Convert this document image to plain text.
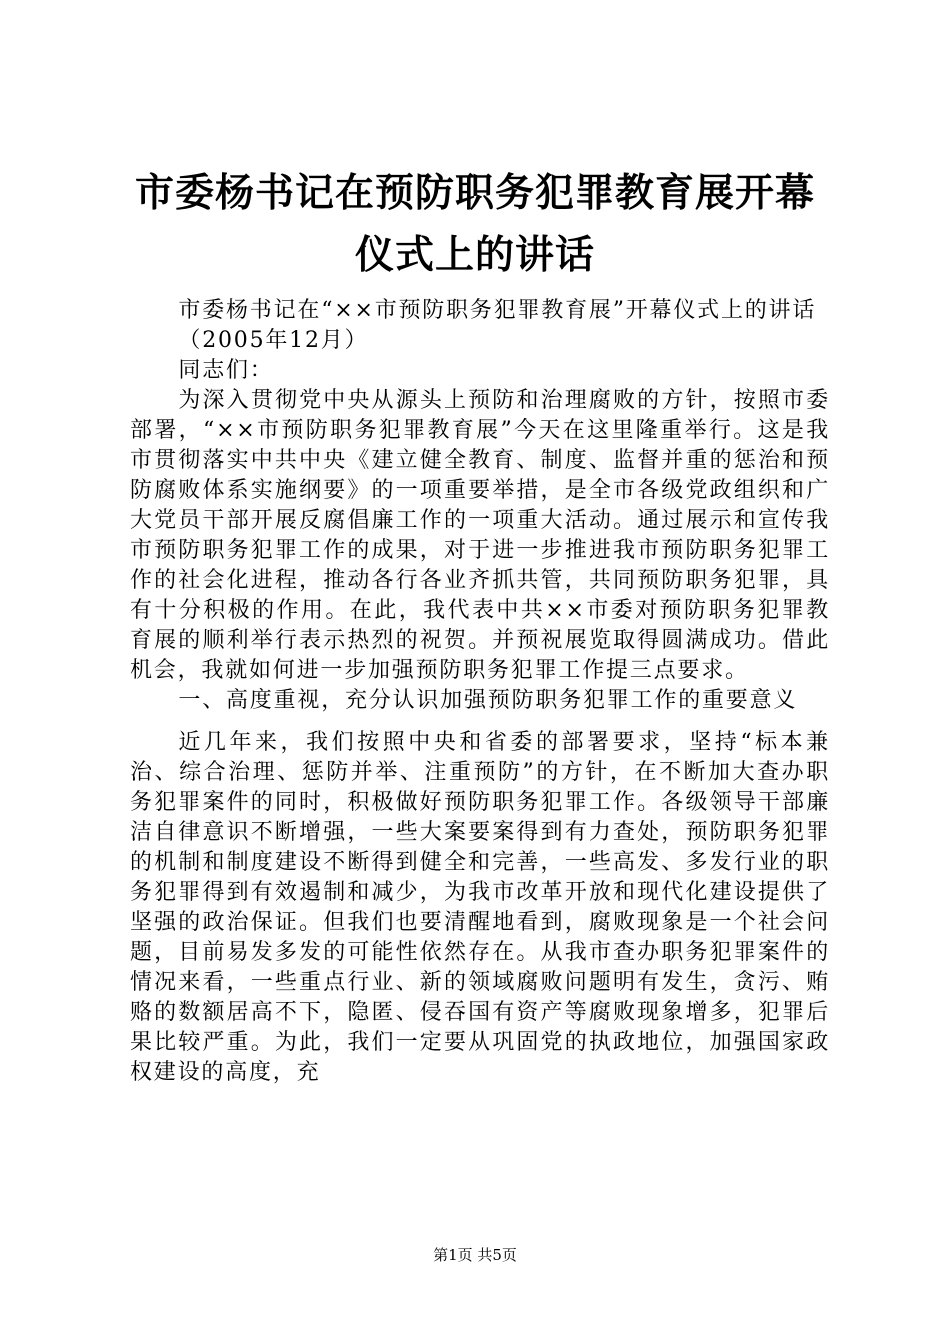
市委杨书记在预防职务犯罪教育展开幕仪式上的讲话

市委杨书记在“××市预防职务犯罪教育展”开幕仪式上的讲话

（2005年12月）

同志们：

为深入贯彻党中央从源头上预防和治理腐败的方针，按照市委部署，“××市预防职务犯罪教育展”今天在这里隆重举行。这是我市贯彻落实中共中央《建立健全教育、制度、监督并重的惩治和预防腐败体系实施纲要》的一项重要举措，是全市各级党政组织和广大党员干部开展反腐倡廉工作的一项重大活动。通过展示和宣传我市预防职务犯罪工作的成果，对于进一步推进我市预防职务犯罪工作的社会化进程，推动各行各业齐抓共管，共同预防职务犯罪，具有十分积极的作用。在此，我代表中共××市委对预防职务犯罪教育展的顺利举行表示热烈的祝贺。并预祝展览取得圆满成功。借此机会，我就如何进一步加强预防职务犯罪工作提三点要求。

一、高度重视，充分认识加强预防职务犯罪工作的重要意义

近几年来，我们按照中央和省委的部署要求，坚持“标本兼治、综合治理、惩防并举、注重预防”的方针，在不断加大查办职务犯罪案件的同时，积极做好预防职务犯罪工作。各级领导干部廉洁自律意识不断增强，一些大案要案得到有力查处，预防职务犯罪的机制和制度建设不断得到健全和完善，一些高发、多发行业的职务犯罪得到有效遏制和减少，为我市改革开放和现代化建设提供了坚强的政治保证。但我们也要清醒地看到，腐败现象是一个社会问题，目前易发多发的可能性依然存在。从我市查办职务犯罪案件的情况来看，一些重点行业、新的领域腐败问题明有发生，贪污、贿赂的数额居高不下，隐匿、侵吞国有资产等腐败现象增多，犯罪后果比较严重。为此，我们一定要从巩固党的执政地位，加强国家政权建设的高度，充

第1页 共5页
